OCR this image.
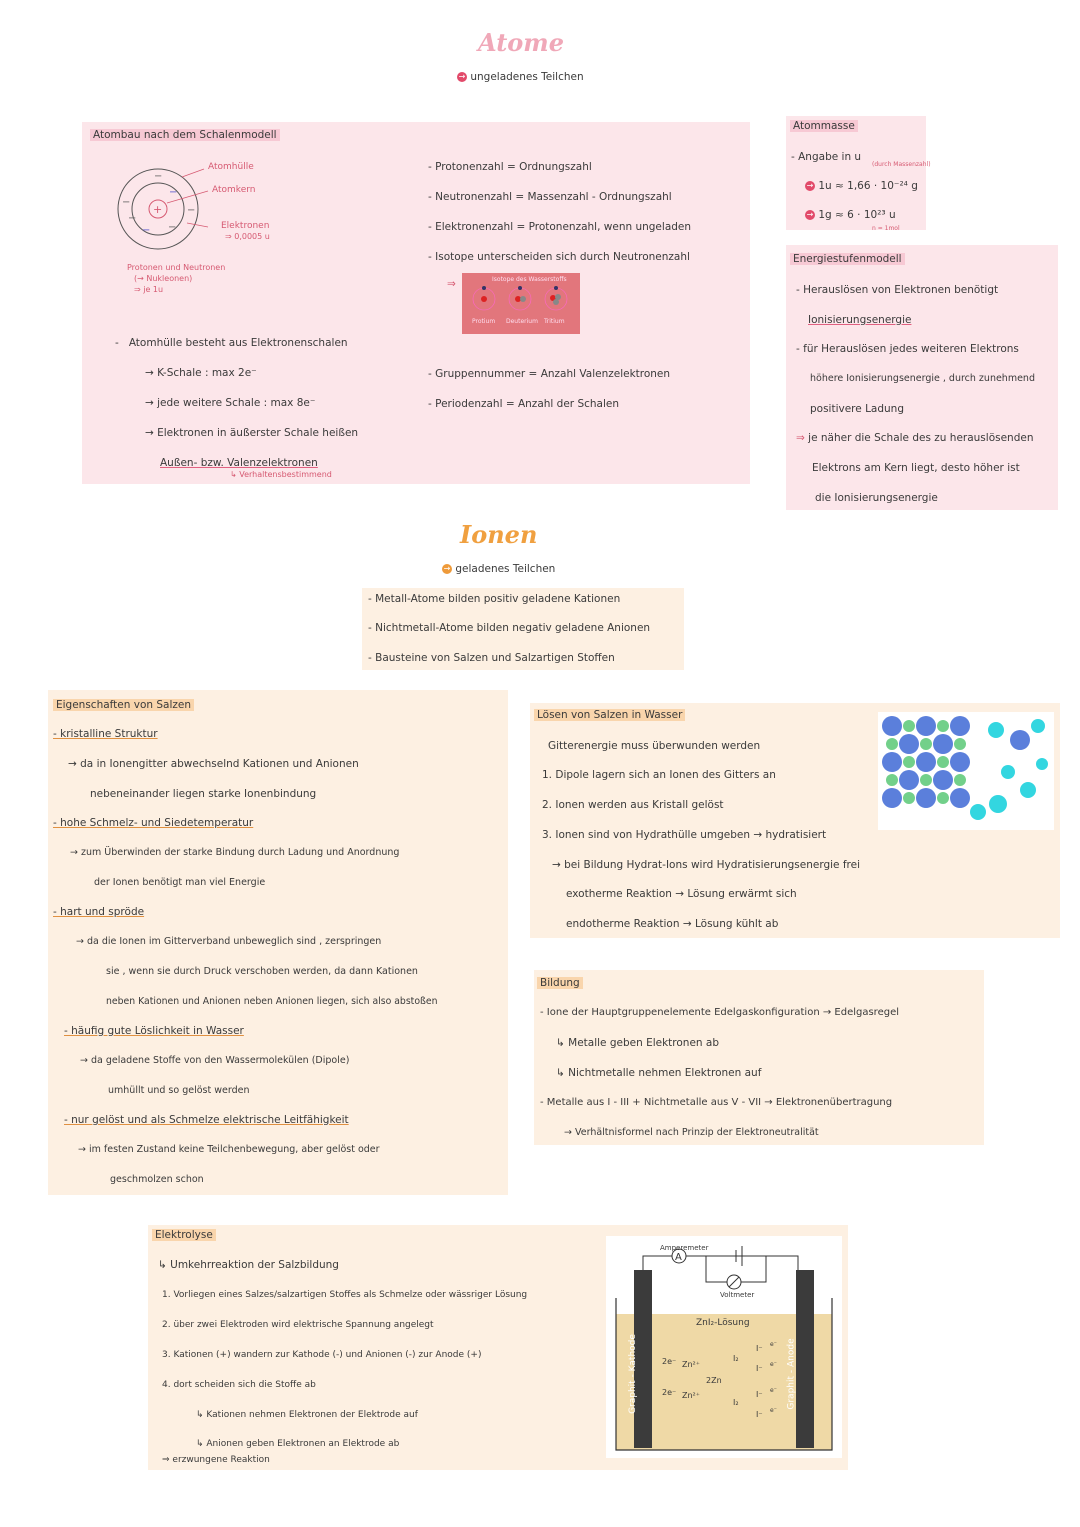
Atome
→ ungeladenes Teilchen
Atombau nach dem Schalenmodell
+
−
−
−
−
−
− −
Atomhülle
Atomkern
Elektronen
⇒ 0,0005 u
Protonen und Neutronen
(→ Nukleonen)
⇒ je 1u
- Protonenzahl = Ordnungszahl
- Neutronenzahl = Massenzahl - Ordnungszahl
- Elektronenzahl = Protonenzahl, wenn ungeladen
- Isotope unterscheiden sich durch Neutronenzahl
⇒	Isotope des Wasserstoffs
Protium Deuterium Tritium
-   Atomhülle besteht aus Elektronenschalen
→ K-Schale : max 2e⁻
→ jede weitere Schale : max 8e⁻
→ Elektronen in äußerster Schale heißen
Außen- bzw. Valenzelektronen
↳ Verhaltensbestimmend
- Gruppennummer = Anzahl Valenzelektronen
- Periodenzahl = Anzahl der Schalen
Atommasse
- Angabe in u
(durch Massenzahl)
→ 1u ≈ 1,66 · 10⁻²⁴ g
→ 1g ≈ 6 · 10²³ u
n = 1mol
Energiestufenmodell
- Herauslösen von Elektronen benötigt
Ionisierungsenergie
- für Herauslösen jedes weiteren Elektrons
höhere Ionisierungsenergie , durch zunehmend
positivere Ladung
⇒ je näher die Schale des zu herauslösenden
Elektrons am Kern liegt, desto höher ist
die Ionisierungsenergie
Ionen
→ geladenes Teilchen
- Metall-Atome bilden positiv geladene Kationen
- Nichtmetall-Atome bilden negativ geladene Anionen
- Bausteine von Salzen und Salzartigen Stoffen
Eigenschaften von Salzen
- kristalline Struktur
→ da in Ionengitter abwechselnd Kationen und Anionen
nebeneinander liegen starke Ionenbindung
- hohe Schmelz- und Siedetemperatur
→ zum Überwinden der starke Bindung durch Ladung und Anordnung
der Ionen benötigt man viel Energie
- hart und spröde
→ da die Ionen im Gitterverband unbeweglich sind , zerspringen
sie , wenn sie durch Druck verschoben werden, da dann Kationen
neben Kationen und Anionen neben Anionen liegen, sich also abstoßen
- häufig gute Löslichkeit in Wasser
→ da geladene Stoffe von den Wassermolekülen (Dipole)
umhüllt und so gelöst werden
- nur gelöst und als Schmelze elektrische Leitfähigkeit
→ im festen Zustand keine Teilchenbewegung, aber gelöst oder
geschmolzen schon
Lösen von Salzen in Wasser
Gitterenergie muss überwunden werden
1. Dipole lagern sich an Ionen des Gitters an
2. Ionen werden aus Kristall gelöst
3. Ionen sind von Hydrathülle umgeben → hydratisiert
→ bei Bildung Hydrat-Ions wird Hydratisierungsenergie frei
exotherme Reaktion → Lösung erwärmt sich
endotherme Reaktion → Lösung kühlt ab
Bildung
- Ione der Hauptgruppenelemente Edelgaskonfiguration → Edelgasregel
↳ Metalle geben Elektronen ab
↳ Nichtmetalle nehmen Elektronen auf
- Metalle aus I - III + Nichtmetalle aus V - VII → Elektronenübertragung
→ Verhältnisformel nach Prinzip der Elektroneutralität
Elektrolyse
↳ Umkehrreaktion der Salzbildung
1. Vorliegen eines Salzes/salzartigen Stoffes als Schmelze oder wässriger Lösung
2. über zwei Elektroden wird elektrische Spannung angelegt
3. Kationen (+) wandern zur Kathode (-) und Anionen (-) zur Anode (+)
4. dort scheiden sich die Stoffe ab
↳ Kationen nehmen Elektronen der Elektrode auf
↳ Anionen geben Elektronen an Elektrode ab
⇒ erzwungene Reaktion
A
Amperemeter
Voltmeter
ZnI₂-Lösung
Graphit - Kathode	Graphit - Anode
2e⁻ Zn²⁺
2Zn
2e⁻ Zn²⁺
I₂
I₂
I⁻
I⁻
I⁻
I⁻
e⁻
e⁻
e⁻
e⁻
